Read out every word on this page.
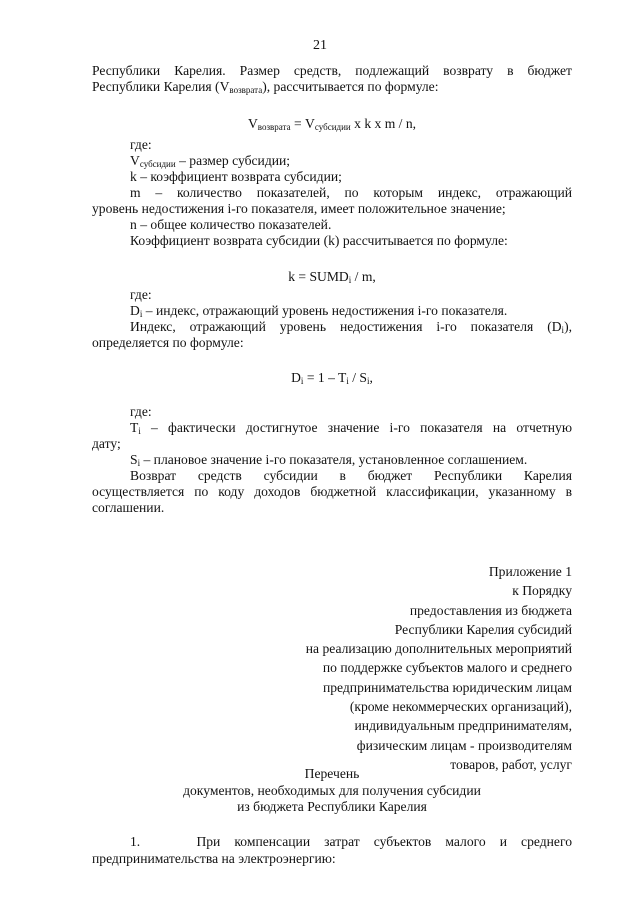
21
Республики Карелия. Размер средств, подлежащий возврату в бюджет
Республики Карелия $(V_{возврата})$, рассчитывается по формуле:
$V_{возврата} = V_{субсидии}$ x k x m / n,
где:
$V_{субсидии}$ – размер субсидии;
k – коэффициент возврата субсидии;
m – количество показателей, по которым индекс, отражающий
уровень недостижения i-го показателя, имеет положительное значение;
n – общее количество показателей.
Коэффициент возврата субсидии (k) рассчитывается по формуле:
$k = SUMD_i / m$,
где:
$D_i$ – индекс, отражающий уровень недостижения i-го показателя.
Индекс, отражающий уровень недостижения i-го показателя $(D_i)$,
определяется по формуле:
$D_i = 1 - T_i / S_i$,
где:
$T_i$ – фактически достигнутое значение i-го показателя на отчетную
дату;
$S_i$ – плановое значение i-го показателя, установленное соглашением.
Возврат средств субсидии в бюджет Республики Карелия
осуществляется по коду доходов бюджетной классификации, указанному в
соглашении.
Приложение 1
к Порядку
предоставления из бюджета
Республики Карелия субсидий
на реализацию дополнительных мероприятий
по поддержке субъектов малого и среднего
предпринимательства юридическим лицам
(кроме некоммерческих организаций),
индивидуальным предпринимателям,
физическим лицам - производителям
товаров, работ, услуг
Перечень
документов, необходимых для получения субсидии
из бюджета Республики Карелия
1.    При компенсации затрат субъектов малого и среднего
предпринимательства на электроэнергию:
